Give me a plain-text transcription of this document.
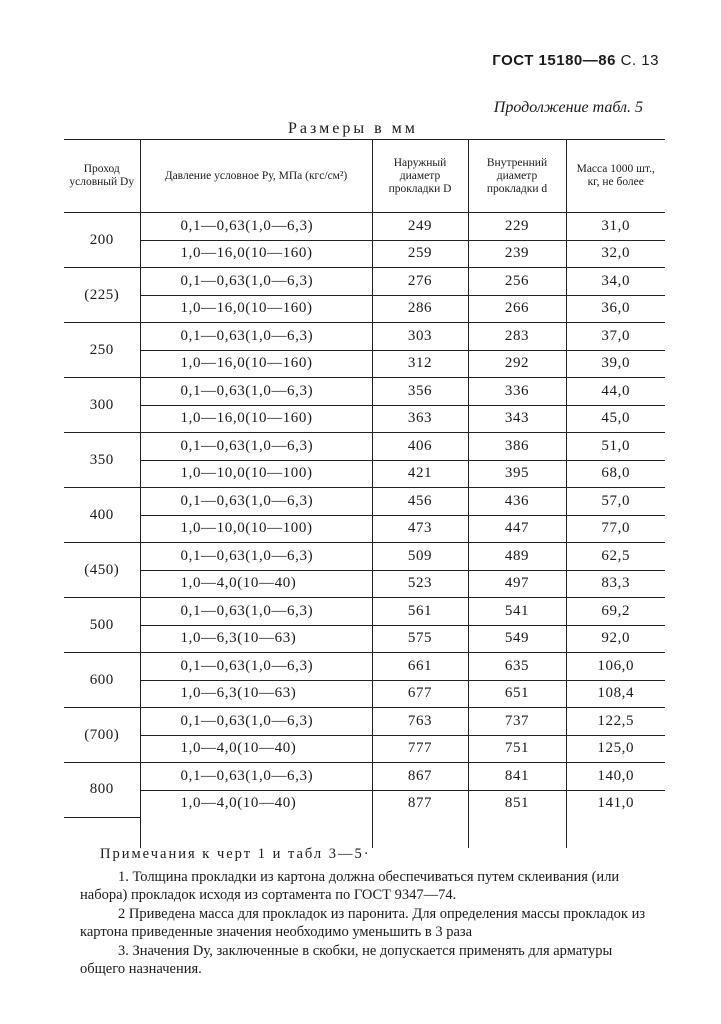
ГОСТ 15180—86 С. 13
Продолжение табл. 5
Размеры в мм
Проход условный Dу	Давление условное Pу, МПа (кгс/см²)	Наружный диаметр прокладки D	Внутренний диаметр прокладки d	Масса 1000 шт., кг, не более
200	0,1—0,63(1,0—6,3)	249	229	31,0
	1,0—16,0(10—160)	259	239	32,0
(225)	0,1—0,63(1,0—6,3)	276	256	34,0
	1,0—16,0(10—160)	286	266	36,0
250	0,1—0,63(1,0—6,3)	303	283	37,0
	1,0—16,0(10—160)	312	292	39,0
300	0,1—0,63(1,0—6,3)	356	336	44,0
	1,0—16,0(10—160)	363	343	45,0
350	0,1—0,63(1,0—6,3)	406	386	51,0
	1,0—10,0(10—100)	421	395	68,0
400	0,1—0,63(1,0—6,3)	456	436	57,0
	1,0—10,0(10—100)	473	447	77,0
(450)	0,1—0,63(1,0—6,3)	509	489	62,5
	1,0—4,0(10—40)	523	497	83,3
500	0,1—0,63(1,0—6,3)	561	541	69,2
	1,0—6,3(10—63)	575	549	92,0
600	0,1—0,63(1,0—6,3)	661	635	106,0
	1,0—6,3(10—63)	677	651	108,4
(700)	0,1—0,63(1,0—6,3)	763	737	122,5
	1,0—4,0(10—40)	777	751	125,0
800	0,1—0,63(1,0—6,3)	867	841	140,0
	1,0—4,0(10—40)	877	851	141,0

Примечания к черт 1 и табл 3—5·

1. Толщина прокладки из картона должна обеспечиваться путем склеивания (или набора) прокладок исходя из сортамента по ГОСТ 9347—74.

2 Приведена масса для прокладок из паронита. Для определения массы прокладок из картона приведенные значения необходимо уменьшить в 3 раза

3. Значения Dу, заключенные в скобки, не допускается применять для арматуры общего назначения.
